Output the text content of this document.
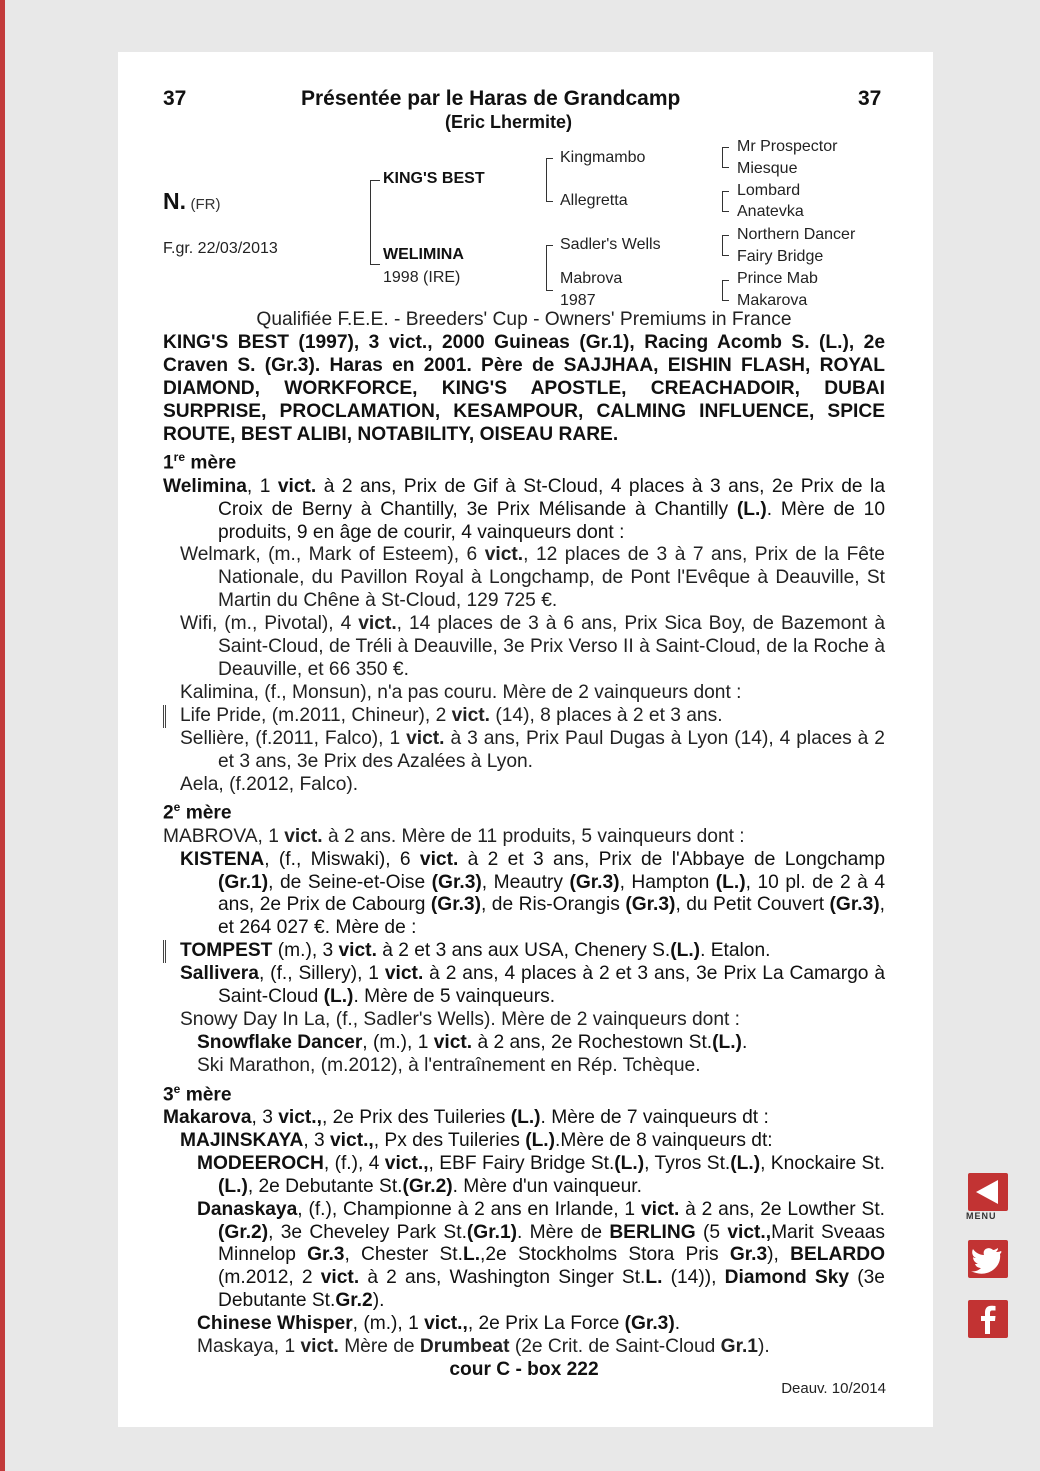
37	Présentée par le Haras de Grandcamp	37
(Eric Lhermite)
N. (FR)
F.gr. 22/03/2013
KING'S BEST
WELIMINA
1998 (IRE)
Kingmambo
Allegretta
Sadler's Wells
Mabrova
1987
Mr Prospector
Miesque
Lombard
Anatevka
Northern Dancer
Fairy Bridge
Prince Mab
Makarova

Qualifiée F.E.E. - Breeders' Cup - Owners' Premiums in France

KING'S BEST (1997), 3 vict., 2000 Guineas (Gr.1), Racing Acomb S. (L.), 2e Craven S. (Gr.3). Haras en 2001. Père de SAJJHAA, EISHIN FLASH, ROYAL DIAMOND, WORKFORCE, KING'S APOSTLE, CREACHADOIR, DUBAI SURPRISE, PROCLAMATION, KESAMPOUR, CALMING INFLUENCE, SPICE ROUTE, BEST ALIBI, NOTABILITY, OISEAU RARE.

1re mère

Welimina, 1 vict. à 2 ans, Prix de Gif à St-Cloud, 4 places à 3 ans, 2e Prix de la Croix de Berny à Chantilly, 3e Prix Mélisande à Chantilly (L.). Mère de 10 produits, 9 en âge de courir, 4 vainqueurs dont :

Welmark, (m., Mark of Esteem), 6 vict., 12 places de 3 à 7 ans, Prix de la Fête Nationale, du Pavillon Royal à Longchamp, de Pont l'Evêque à Deauville, St Martin du Chêne à St-Cloud, 129 725 €.

Wifi, (m., Pivotal), 4 vict., 14 places de 3 à 6 ans, Prix Sica Boy, de Bazemont à Saint-Cloud, de Tréli à Deauville, 3e Prix Verso II à Saint-Cloud, de la Roche à Deauville, et 66 350 €.

Kalimina, (f., Monsun), n'a pas couru. Mère de 2 vainqueurs dont :

Life Pride, (m.2011, Chineur), 2 vict. (14), 8 places à 2 et 3 ans.

Sellière, (f.2011, Falco), 1 vict. à 3 ans, Prix Paul Dugas à Lyon (14), 4 places à 2 et 3 ans, 3e Prix des Azalées à Lyon.

Aela, (f.2012, Falco).

2e mère

MABROVA, 1 vict. à 2 ans. Mère de 11 produits, 5 vainqueurs dont :

KISTENA, (f., Miswaki), 6 vict. à 2 et 3 ans, Prix de l'Abbaye de Longchamp (Gr.1), de Seine-et-Oise (Gr.3), Meautry (Gr.3), Hampton (L.), 10 pl. de 2 à 4 ans, 2e Prix de Cabourg (Gr.3), de Ris-Orangis (Gr.3), du Petit Couvert (Gr.3), et 264 027 €. Mère de :

TOMPEST (m.), 3 vict. à 2 et 3 ans aux USA, Chenery S.(L.). Etalon.

Sallivera, (f., Sillery), 1 vict. à 2 ans, 4 places à 2 et 3 ans, 3e Prix La Camargo à Saint-Cloud (L.). Mère de 5 vainqueurs.

Snowy Day In La, (f., Sadler's Wells). Mère de 2 vainqueurs dont :

Snowflake Dancer, (m.), 1 vict. à 2 ans, 2e Rochestown St.(L.).

Ski Marathon, (m.2012), à l'entraînement en Rép. Tchèque.

3e mère

Makarova, 3 vict.,, 2e Prix des Tuileries (L.). Mère de 7 vainqueurs dt :

MAJINSKAYA, 3 vict.,, Px des Tuileries (L.).Mère de 8 vainqueurs dt:

MODEEROCH, (f.), 4 vict.,, EBF Fairy Bridge St.(L.), Tyros St.(L.), Knockaire St.(L.), 2e Debutante St.(Gr.2). Mère d'un vainqueur.

Danaskaya, (f.), Championne à 2 ans en Irlande, 1 vict. à 2 ans, 2e Lowther St.(Gr.2), 3e Cheveley Park St.(Gr.1). Mère de BERLING (5 vict.,Marit Sveaas Minnelop Gr.3, Chester St.L.,2e Stockholms Stora Pris Gr.3), BELARDO (m.2012, 2 vict. à 2 ans, Washington Singer St.L. (14)), Diamond Sky (3e Debutante St.Gr.2).

Chinese Whisper, (m.), 1 vict.,, 2e Prix La Force (Gr.3).

Maskaya, 1 vict. Mère de Drumbeat (2e Crit. de Saint-Cloud Gr.1).

cour C - box 222

Deauv. 10/2014
MENU
